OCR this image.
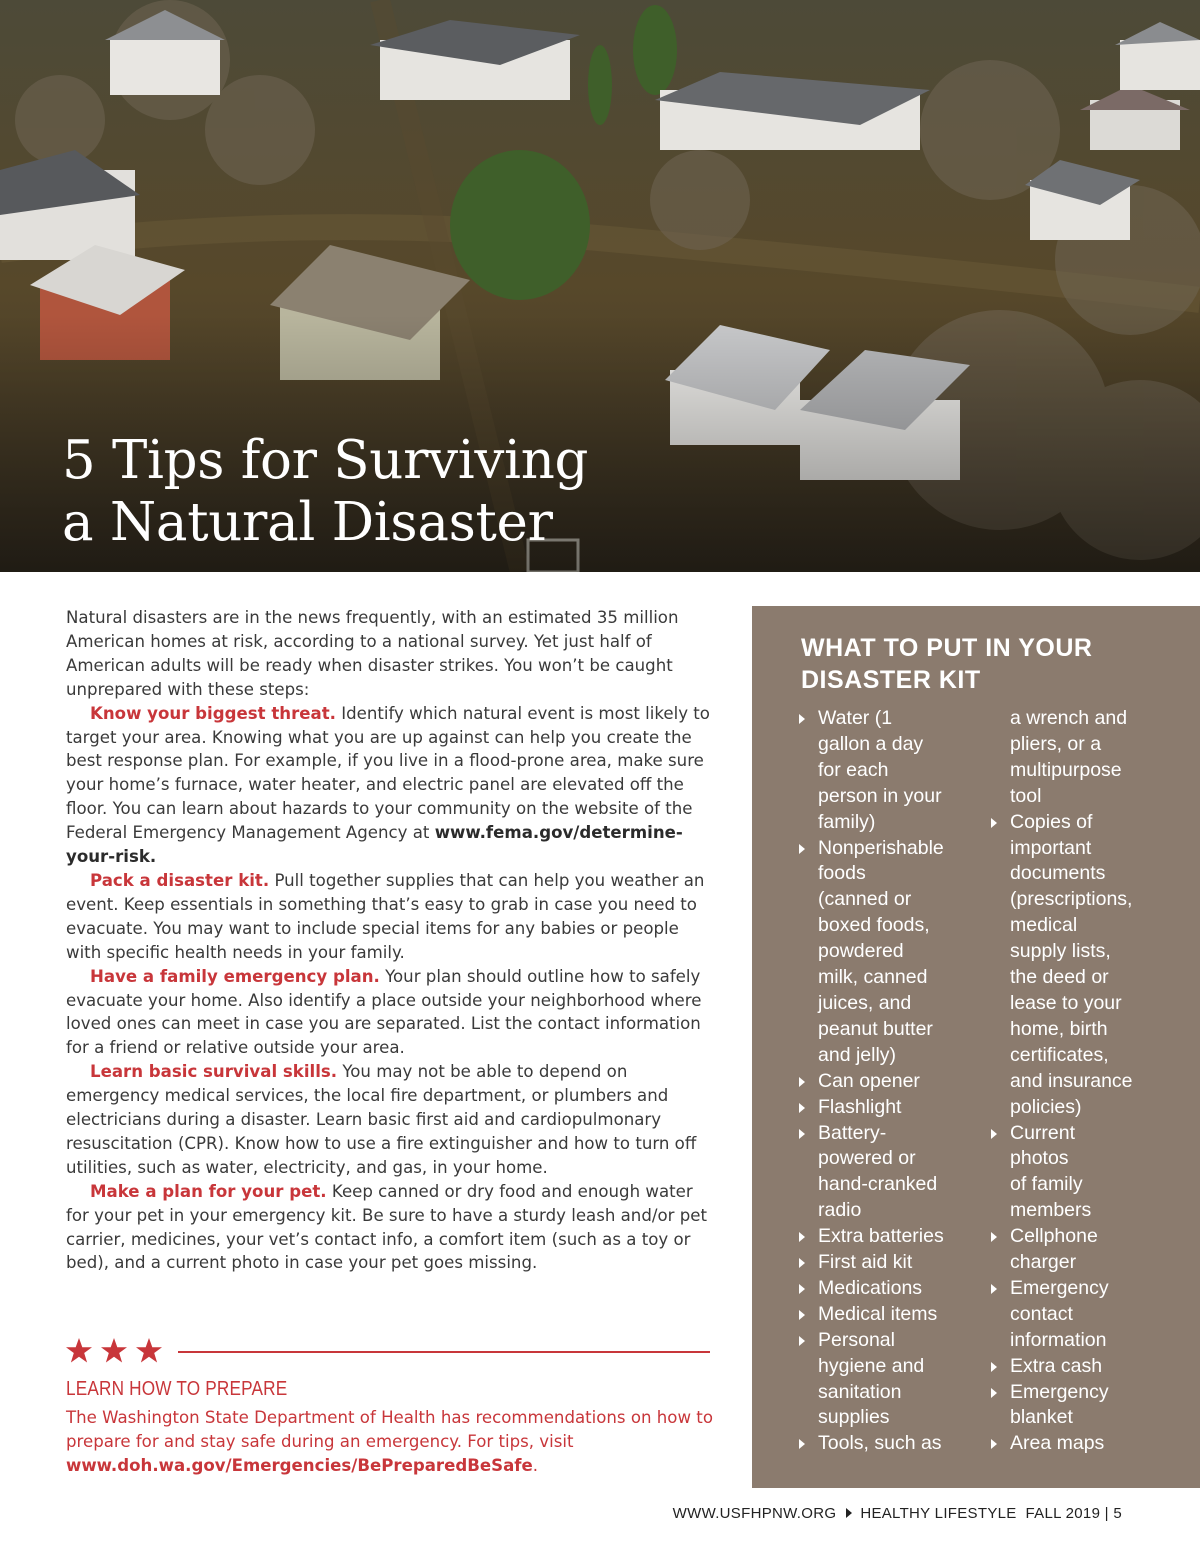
5 Tips for Surviving
a Natural Disaster

Natural disasters are in the news frequently, with an estimated 35 million American homes at risk, according to a national survey. Yet just half of American adults will be ready when disaster strikes. You won’t be caught unprepared with these steps:

Know your biggest threat. Identify which natural event is most likely to target your area. Knowing what you are up against can help you create the best response plan. For example, if you live in a flood-prone area, make sure your home’s furnace, water heater, and electric panel are elevated off the floor. You can learn about hazards to your community on the website of the Federal Emergency Management Agency at www.fema.gov/determine-your-risk.

Pack a disaster kit. Pull together supplies that can help you weather an event. Keep essentials in something that’s easy to grab in case you need to evacuate. You may want to include special items for any babies or people with specific health needs in your family.

Have a family emergency plan. Your plan should outline how to safely evacuate your home. Also identify a place outside your neighborhood where loved ones can meet in case you are separated. List the contact information for a friend or relative outside your area.

Learn basic survival skills. You may not be able to depend on emergency medical services, the local fire department, or plumbers and electricians during a disaster. Learn basic first aid and cardiopulmonary resuscitation (CPR). Know how to use a fire extinguisher and how to turn off utilities, such as water, electricity, and gas, in your home.

Make a plan for your pet. Keep canned or dry food and enough water for your pet in your emergency kit. Be sure to have a sturdy leash and/or pet carrier, medicines, your vet’s contact info, a comfort item (such as a toy or bed), and a current photo in case your pet goes missing.

LEARN HOW TO PREPARE

The Washington State Department of Health has recommendations on how to prepare for and stay safe during an emergency. For tips, visit www.doh.wa.gov/Emergencies/BePreparedBeSafe.

WHAT TO PUT IN YOUR DISASTER KIT
Water (1
gallon a day
for each
person in your
family)
Nonperishable
foods
(canned or
boxed foods,
powdered
milk, canned
juices, and
peanut butter
and jelly)
Can opener
Flashlight
Battery-
powered or
hand-cranked
radio
Extra batteries
First aid kit
Medications
Medical items
Personal
hygiene and
sanitation
supplies
Tools, such as
a wrench and
pliers, or a
multipurpose
tool
Copies of
important
documents
(prescriptions,
medical
supply lists,
the deed or
lease to your
home, birth
certificates,
and insurance
policies)
Current
photos
of family
members
Cellphone
charger
Emergency
contact
information
Extra cash
Emergency
blanket
Area maps
WWW.USFHPNW.ORG HEALTHY LIFESTYLE  FALL 2019 | 5
